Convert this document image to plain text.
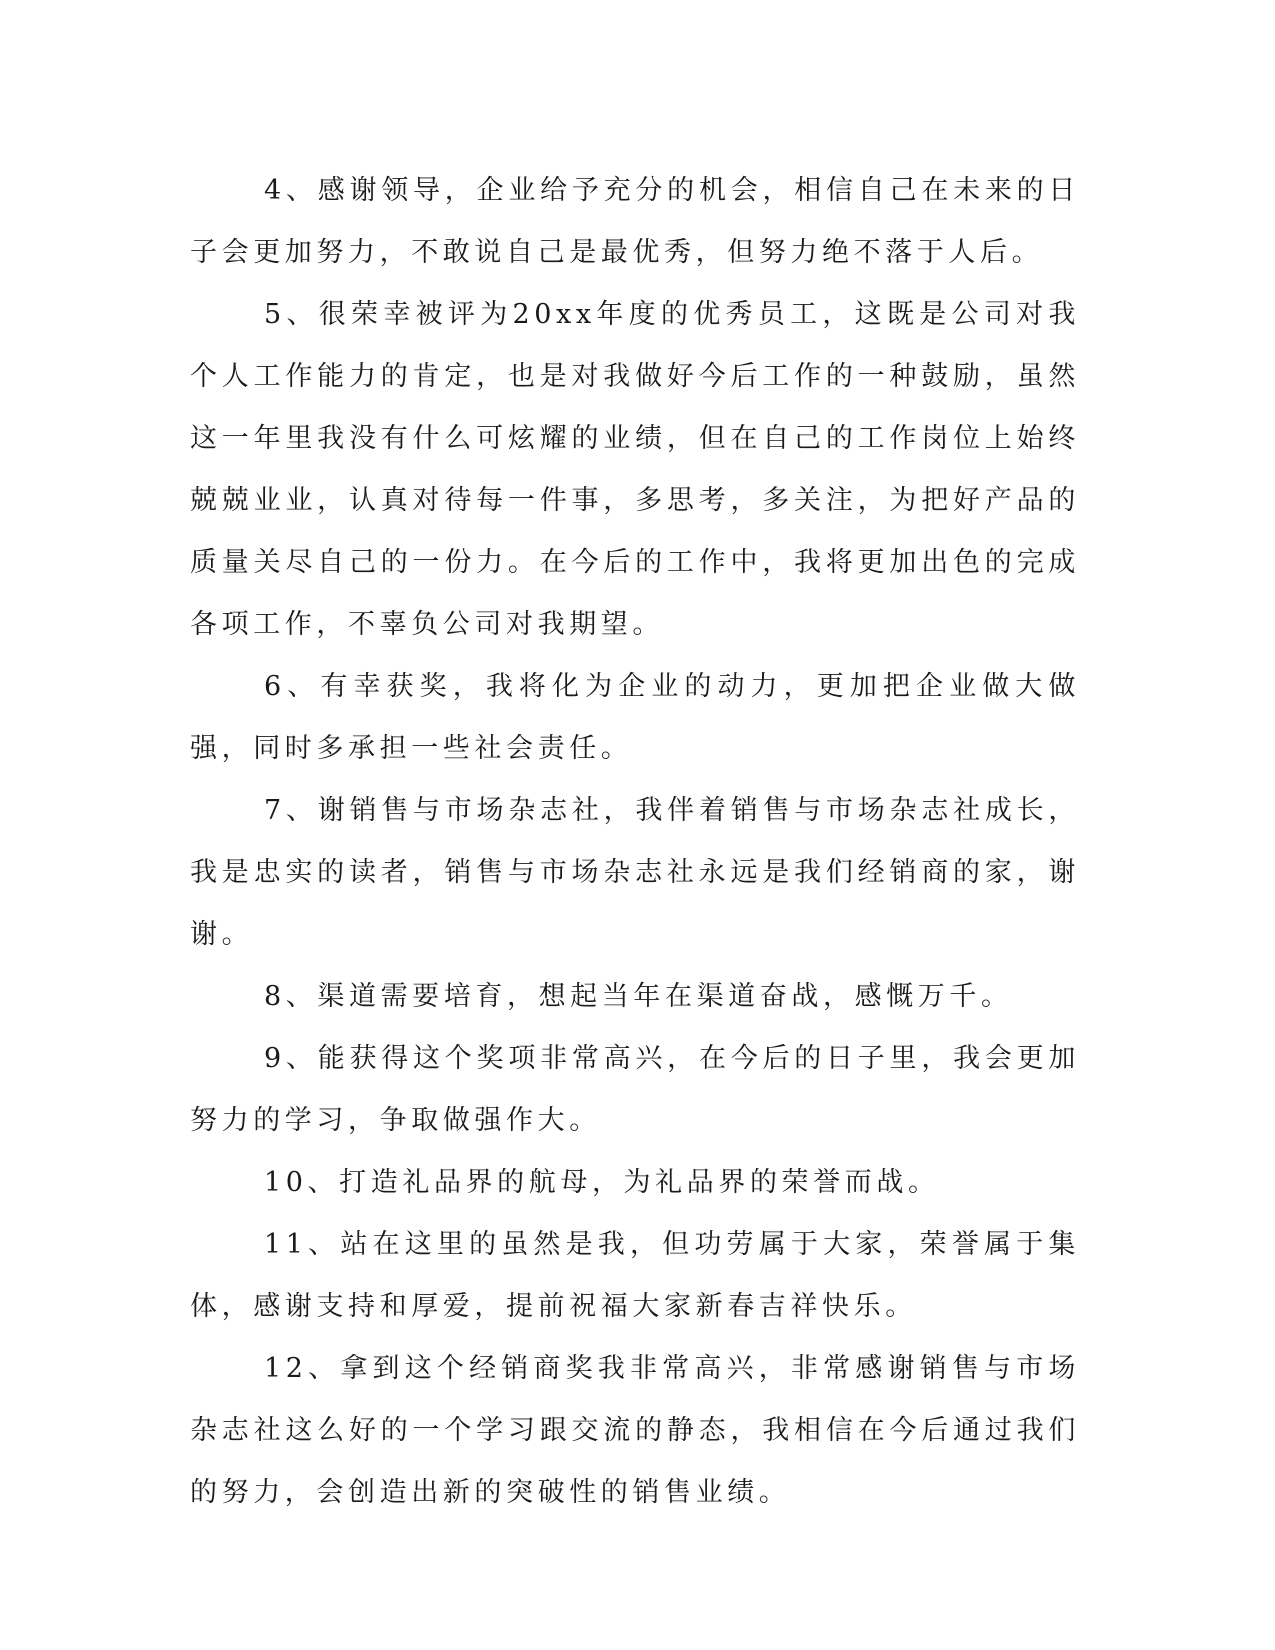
4、感谢领导，企业给予充分的机会，相信自己在未来的日子会更加努力，不敢说自己是最优秀，但努力绝不落于人后。

5、很荣幸被评为20xx年度的优秀员工，这既是公司对我个人工作能力的肯定，也是对我做好今后工作的一种鼓励，虽然这一年里我没有什么可炫耀的业绩，但在自己的工作岗位上始终兢兢业业，认真对待每一件事，多思考，多关注，为把好产品的质量关尽自己的一份力。在今后的工作中，我将更加出色的完成各项工作，不辜负公司对我期望。

6、有幸获奖，我将化为企业的动力，更加把企业做大做强，同时多承担一些社会责任。

7、谢销售与市场杂志社，我伴着销售与市场杂志社成长，我是忠实的读者，销售与市场杂志社永远是我们经销商的家，谢谢。

8、渠道需要培育，想起当年在渠道奋战，感慨万千。

9、能获得这个奖项非常高兴，在今后的日子里，我会更加努力的学习，争取做强作大。

10、打造礼品界的航母，为礼品界的荣誉而战。

11、站在这里的虽然是我，但功劳属于大家，荣誉属于集体，感谢支持和厚爱，提前祝福大家新春吉祥快乐。

12、拿到这个经销商奖我非常高兴，非常感谢销售与市场杂志社这么好的一个学习跟交流的静态，我相信在今后通过我们的努力，会创造出新的突破性的销售业绩。
